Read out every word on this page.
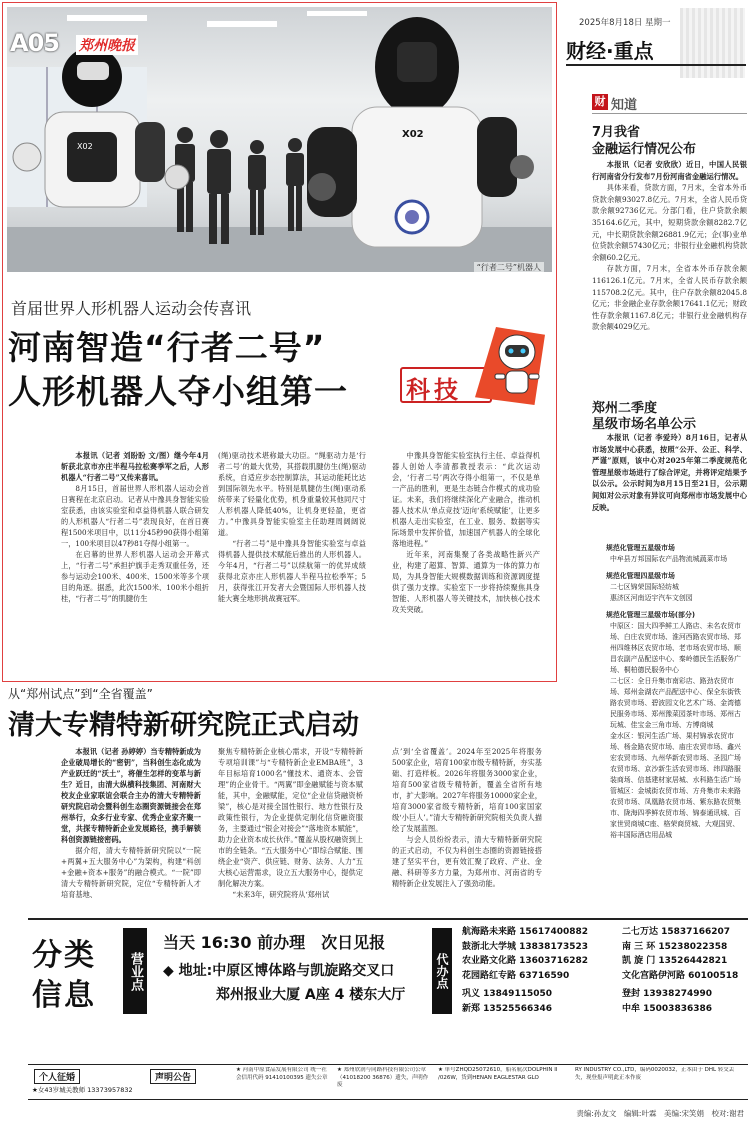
X02
X02
“行者二号”机器人
A05 郑州晚报
2025年8月18日 星期一
财经·重点
首届世界人形机器人运动会传喜讯
河南智造“行者二号”
人形机器人夺小组第一 科技

本报讯（记者 刘盼盼 文/图）继今年4月斩获北京市亦庄半程马拉松赛季军之后，人形机器人“行者二号”又传来喜讯。

8月15日，首届世界人形机器人运动会首日赛程在北京启动。记者从中豫具身智能实验室获悉，由该实验室和卓益得机器人联合研发的人形机器人“行者二号”表现良好，在首日赛程1500米项目中，以11分45秒90获得小组第一，100米项目以47秒81夺得小组第一。

在启幕的世界人形机器人运动会开幕式上，“行者二号”承担护旗手走秀双重任务，还参与运动会100米、400米、1500米等多个项目的角逐。据悉，此次1500米、100米小组折桂，“行者二号”的肌腱仿生

(绳)驱动技术堪称最大功臣。“绳驱动力是‘行者二号’的最大优势，其搭载肌腱仿生(绳)驱动系统，自适应步态控制算法，其运动能耗比达到国际领先水平。特别是肌腱仿生(绳)驱动系统带来了轻量化优势，机身重量较其他同尺寸人形机器人降低40%，让机身更轻盈，更省力。”中豫具身智能实验室主任助理周阔阔说道。

“行者二号”是中豫具身智能实验室与卓益得机器人提供技术赋能后推出的人形机器人。今年4月，“行者二号”以续航第一的优异成绩获得北京亦庄人形机器人半程马拉松季军；5月，获得张江开发者大会暨国际人形机器人技能大赛全地形挑战赛冠军。

中豫具身智能实验室执行主任、卓益得机器人创始人李清都教授表示：“此次运动会，‘行者二号’两次夺得小组第一，不仅是单一产品的胜利，更是生态链合作模式的成功验证。未来，我们将继续深化产业融合，推动机器人技术从‘单点竞技’迈向‘系统赋能’，让更多机器人走出实验室，在工业、服务、数据等实际场景中发挥价值，加速国产机器人的全球化落地进程。”

近年来，河南集聚了各类战略性新兴产业，构建了超算、智算、通算为一体的算力布局，为具身智能大规模数据训练和资源调度提供了强力支撑。实验室下一步将持续聚焦具身智能、人形机器人等关键技术，加快核心技术攻关突破。

财 知道
7月我省
金融运行情况公布

本报讯（记者 安欣欣）近日，中国人民银行河南省分行发布7月份河南省金融运行情况。

具体来看，贷款方面，7月末，全省本外币贷款余额93027.8亿元。7月末，全省人民币贷款余额92736亿元。分部门看，住户贷款余额35164.6亿元，其中，短期贷款余额8282.7亿元，中长期贷款余额26881.9亿元；企(事)业单位贷款余额57430亿元；非银行业金融机构贷款余额60.2亿元。

存款方面，7月末，全省本外币存款余额116126.1亿元。7月末，全省人民币存款余额115708.2亿元。其中，住户存款余额82045.8亿元；非金融企业存款余额17641.1亿元；财政性存款余额1167.8亿元；非银行业金融机构存款余额4029亿元。

郑州二季度
星级市场名单公示

本报讯（记者 李爱玲）8月16日，记者从市场发展中心获悉，按照“公开、公正、科学、严谨”原则，该中心对2025年第二季度规范化管理星级市场进行了综合评定，并将评定结果予以公示。公示时间为8月15日至21日，公示期间如对公示对象有异议可向郑州市市场发展中心反映。

规范化管理五星级市场
中牟县万邦国际农产品物流城蔬菜市场
规范化管理四星级市场
二七区锦荣国际轻纺城
惠济区河南迈宇汽车文创园
规范化管理三星级市场(部分)
中原区：国大四季鲜工人路店、未名农贸市场、白庄农贸市场、淮河西路农贸市场、郑州四维林区农贸市场、老市场农贸市场、顺昌农副产品配送中心、秦岭德民生活服务广场、桐柏德民服务中心
二七区：全日升集市南彩店、路劲农贸市场、郑州金湖农产品配送中心、保全东街铁路农贸市场、碧波园文化艺术广场、金湾德民服务市场、郑州豫菜园茶叶市场、郑州古玩城、佳宝金三角市场、方博商城
金水区：银河生活广场、果村锦承农贸市场、杨金路农贸市场、庙庄农贸市场、鑫兴宏农贸市场、九州华新农贸市场、圣园广场农贸市场、京沙新生活农贸市场、纬四路服装商场、信基建材家居城、水科路生活广场
管城区：金城街农贸市场、方舟集市未来路农贸市场、凤凰路农贸市场、紫东路农贸集市、陇海四季鲜农贸市场、锦泰通讯城、百家世贸商城C座、格荣商贸城、大观国贸、裕丰国际酒店用品城
从“郑州试点”到“全省覆盖”
清大专精特新研究院正式启动

本报讯（记者 孙婷婷）当专精特新成为企业破局增长的“密钥”，当科创生态化成为产业跃迁的“沃土”，将催生怎样的变革与新生？近日，由清大纵横科技集团、河南财大校友企业家联谊会联合主办的清大专精特新研究院启动会暨科创生态圈资源链接会在郑州举行，众多行业专家、优秀企业家齐聚一堂，共探专精特新企业发展路径，携手解锁科创资源链接密码。

据介绍，清大专精特新研究院以“一院+两翼+五大服务中心”为架构，构建“科创+金融+资本+服务”的融合模式。“一院”即清大专精特新研究院，定位“专精特新人才培育基地、

聚焦专精特新企业核心需求，开设“专精特新专项培训课”与“专精特新企业EMBA班”，3年目标培育1000名“懂技术、通资本、会管理”的企业骨干。“两翼”即金融赋能与资本赋能，其中，金融赋能，定位“企业信贷融资桥梁”，核心是对接全国性银行、地方性银行及政策性银行，为企业提供定制化信贷融资服务，主要通过“银企对接会”“落地资本赋能”，助力企业资本成长伙伴。”覆盖从股权融资到上市的全链条。“五大服务中心”即综合赋能、围绕企业“资产、供应链、财务、法务、人力”五大核心运营需求，设立五大服务中心，提供定制化解决方案。

“未来3年，研究院将从‘郑州试

点’到‘全省覆盖’。2024年至2025年将服务500家企业，培育100家市级专精特新，夯实基础、打造样板。2026年将服务3000家企业，培育500家省级专精特新，覆盖全省所有地市，扩大影响。2027年将服务10000家企业，培育3000家省级专精特新，培育100家国家级‘小巨人’。”清大专精特新研究院相关负责人描绘了发展蓝图。

与会人员纷纷表示，清大专精特新研究院的正式启动，不仅为科创生态圈的资源链接搭建了坚实平台，更有效汇聚了政府、产业、金融、科研等多方力量，为郑州市、河南省的专精特新企业发展注入了强劲动能。

分类
信息
营业点
当天 16:30 前办理　次日见报
◆ 地址:中原区博体路与凯旋路交叉口
郑州报业大厦 A座 4 楼东大厅
代办点
航海路未来路 15617400882	二七万达 15837166207
鼓浙北大学城 13838173523	南 三 环 15238022358
农业路文化路 13603716282	凯 旋 门 13526442821
花园路红专路 63716590	文化宫路伊河路 60100518
巩义 13849115050	登封 13938274990
新郑 13525566346	中牟 15003836386
个人征婚
★女43岁城关教师 13373957832
声明公告
★ 河南中原食品发展有限公司 统一社会信用代码 91410100395 遗失公章
★ 郑州欣润与同路科技有限公司公章（41018200 36876）遗失，声明作废
★ 单号ZHQD25072610，船名航次DOLPHIN II /026W，货到HENAN EAGLESTAR GLO
RY INDUSTRY CO.,LTD，编码0020032，正本由于 DHL 转交丢失，现登报声明此正本作废
责编:孙友文　编辑:叶霖　美编:宋笑娟　校对:谢君
